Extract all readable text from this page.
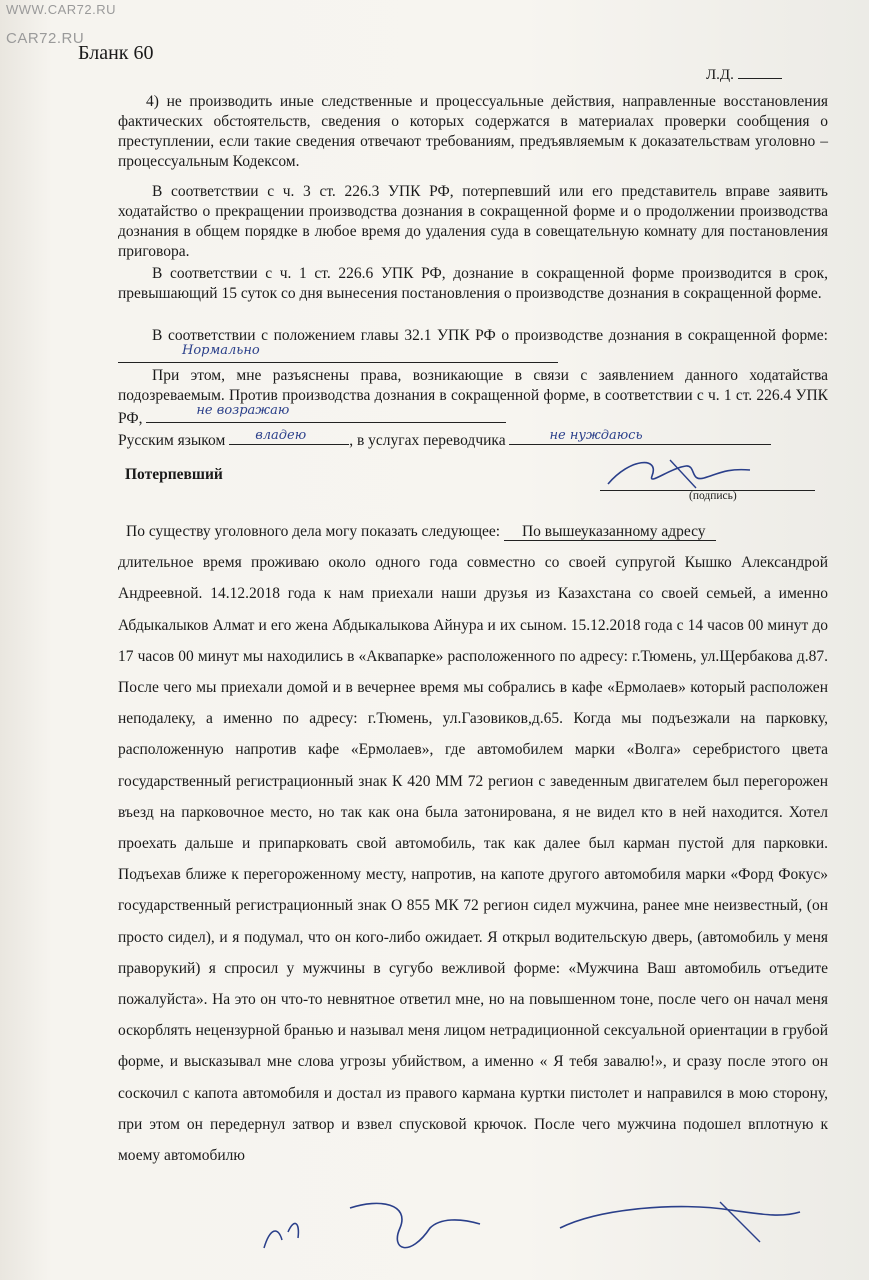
WWW.CAR72.RU
CAR72.RU
Бланк 60
Л.Д.

4) не производить иные следственные и процессуальные действия, направленные восстановления фактических обстоятельств, сведения о которых содержатся в материалах проверки сообщения о преступлении, если такие сведения отвечают требованиям, предъявляемым к доказательствам уголовно – процессуальным Кодексом.

В соответствии с ч. 3 ст. 226.3 УПК РФ, потерпевший или его представитель вправе заявить ходатайство о прекращении производства дознания в сокращенной форме и о продолжении производства дознания в общем порядке в любое время до удаления суда в совещательную комнату для постановления приговора.

В соответствии с ч. 1 ст. 226.6 УПК РФ, дознание в сокращенной форме производится в срок, превышающий 15 суток со дня вынесения постановления о производстве дознания в сокращенной форме.

В соответствии с положением главы 32.1 УПК РФ о производстве дознания в сокращенной форме:
Нормально

При этом, мне разъяснены права, возникающие в связи с заявлением данного ходатайства подозреваемым. Против производства дознания в сокращенной форме, в соответствии с ч. 1 ст. 226.4 УПК РФ,	не возражаю

Русским языком владею	, в услугах переводчика	не нуждаюсь
Потерпевший
(подпись)

По существу уголовного дела могу показать следующее: По вышеуказанному адресу

длительное время проживаю около одного года совместно со своей супругой Кышко Александрой Андреевной. 14.12.2018 года к нам приехали наши друзья из Казахстана со своей семьей, а именно Абдыкалыков Алмат и его жена Абдыкалыкова Айнура и их сыном. 15.12.2018 года с 14 часов 00 минут до 17 часов 00 минут мы находились в «Аквапарке» расположенного по адресу: г.Тюмень, ул.Щербакова д.87. После чего мы приехали домой и в вечернее время мы собрались в кафе «Ермолаев» который расположен неподалеку, а именно по адресу: г.Тюмень, ул.Газовиков,д.65. Когда мы подъезжали на парковку, расположенную напротив кафе «Ермолаев», где автомобилем марки «Волга» серебристого цвета государственный регистрационный знак К 420 ММ 72 регион с заведенным двигателем был перегорожен въезд на парковочное место, но так как она была затонирована, я не видел кто в ней находится. Хотел проехать дальше и припарковать свой автомобиль, так как далее был карман пустой для парковки. Подъехав ближе к перегороженному месту, напротив, на капоте другого автомобиля марки «Форд Фокус» государственный регистрационный знак О 855 МК 72 регион сидел мужчина, ранее мне неизвестный, (он просто сидел), и я подумал, что он кого-либо ожидает. Я открыл водительскую дверь, (автомобиль у меня праворукий) я спросил у мужчины в сугубо вежливой форме: «Мужчина Ваш автомобиль отъедите пожалуйста». На это он что-то невнятное ответил мне, но на повышенном тоне, после чего он начал меня оскорблять нецензурной бранью и называл меня лицом нетрадиционной сексуальной ориентации в грубой форме, и высказывал мне слова угрозы убийством, а именно « Я тебя завалю!», и сразу после этого он соскочил с капота автомобиля и достал из правого кармана куртки пистолет и направился в мою сторону, при этом он передернул затвор и взвел спусковой крючок. После чего мужчина подошел вплотную к моему автомобилю
